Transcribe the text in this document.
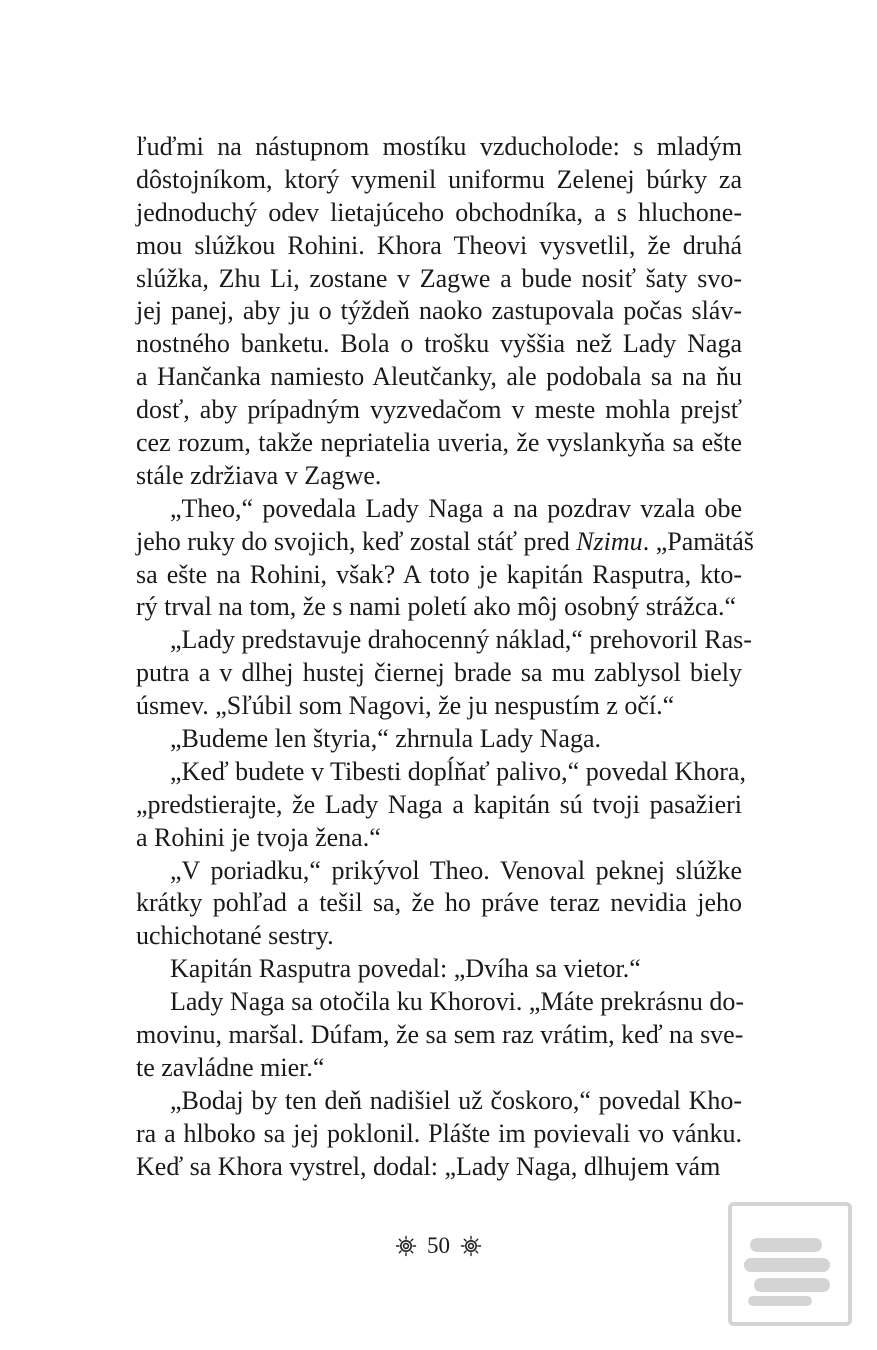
ľuďmi na nástupnom mostíku vzducholode: s mladým
dôstojníkom, ktorý vymenil uniformu Zelenej búrky za
jednoduchý odev lietajúceho obchodníka, a s hluchone-
mou slúžkou Rohini. Khora Theovi vysvetlil, že druhá
slúžka, Zhu Li, zostane v Zagwe a bude nosiť šaty svo-
jej panej, aby ju o týždeň naoko zastupovala počas sláv-
nostného banketu. Bola o trošku vyššia než Lady Naga
a Hančanka namiesto Aleutčanky, ale podobala sa na ňu
dosť, aby prípadným vyzvedačom v meste mohla prejsť
cez rozum, takže nepriatelia uveria, že vyslankyňa sa ešte
stále zdržiava v Zagwe.
„Theo,“ povedala Lady Naga a na pozdrav vzala obe
jeho ruky do svojich, keď zostal stáť pred Nzimu. „Pamätáš
sa ešte na Rohini, však? A toto je kapitán Rasputra, kto-
rý trval na tom, že s nami poletí ako môj osobný strážca.“
„Lady predstavuje drahocenný náklad,“ prehovoril Ras-
putra a v dlhej hustej čiernej brade sa mu zablysol biely
úsmev. „Sľúbil som Nagovi, že ju nespustím z očí.“
„Budeme len štyria,“ zhrnula Lady Naga.
„Keď budete v Tibesti dopĺňať palivo,“ povedal Khora,
„predstierajte, že Lady Naga a kapitán sú tvoji pasažieri
a Rohini je tvoja žena.“
„V poriadku,“ prikývol Theo. Venoval peknej slúžke
krátky pohľad a tešil sa, že ho práve teraz nevidia jeho
uchichotané sestry.
Kapitán Rasputra povedal: „Dvíha sa vietor.“
Lady Naga sa otočila ku Khorovi. „Máte prekrásnu do-
movinu, maršal. Dúfam, že sa sem raz vrátim, keď na sve-
te zavládne mier.“
„Bodaj by ten deň nadišiel už čoskoro,“ povedal Kho-
ra a hlboko sa jej poklonil. Plášte im povievali vo vánku.
Keď sa Khora vystrel, dodal: „Lady Naga, dlhujem vám
50
